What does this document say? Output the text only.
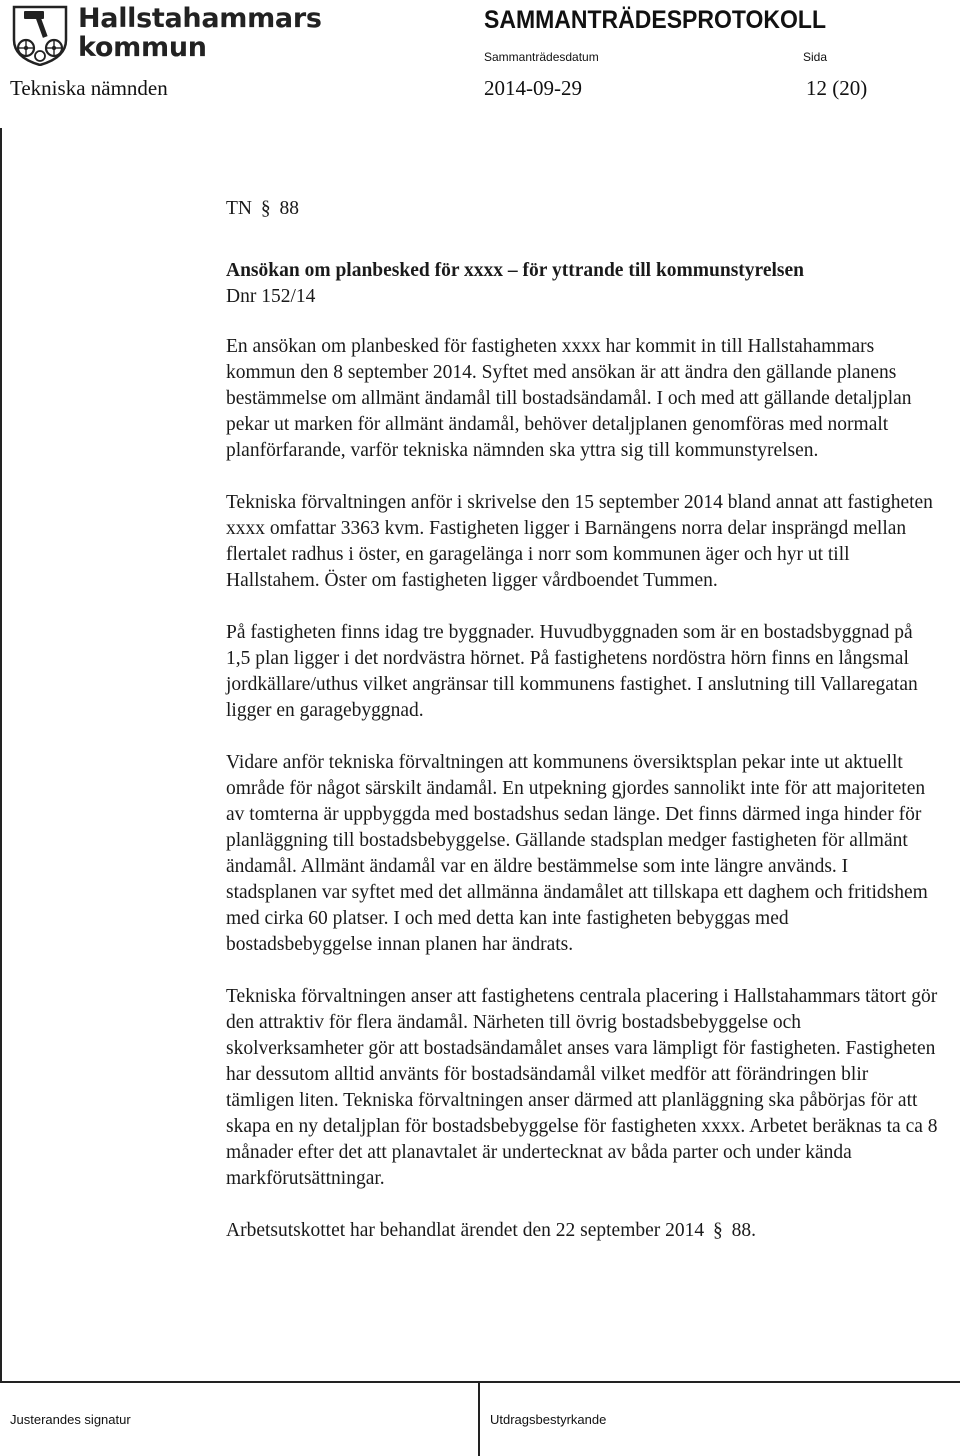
Hallstahammars
kommun
SAMMANTRÄDESPROTOKOLL
Sammanträdesdatum	Sida
Tekniska nämnden	2014-09-29	12 (20)

TN § 88

Ansökan om planbesked för xxxx – för yttrande till kommunstyrelsen

Dnr 152/14

En ansökan om planbesked för fastigheten xxxx har kommit in till Hallstahammars kommun den 8 september 2014. Syftet med ansökan är att ändra den gällande planens bestämmelse om allmänt ändamål till bostadsändamål. I och med att gällande detaljplan pekar ut marken för allmänt ändamål, behöver detaljplanen genomföras med normalt planförfarande, varför tekniska nämnden ska yttra sig till kommunstyrelsen.

Tekniska förvaltningen anför i skrivelse den 15 september 2014 bland annat att fastigheten xxxx omfattar 3363 kvm. Fastigheten ligger i Barnängens norra delar insprängd mellan flertalet radhus i öster, en garagelänga i norr som kommunen äger och hyr ut till Hallstahem. Öster om fastigheten ligger vårdboendet Tummen.

På fastigheten finns idag tre byggnader. Huvudbyggnaden som är en bostadsbyggnad på 1,5 plan ligger i det nordvästra hörnet. På fastighetens nordöstra hörn finns en långsmal jordkällare/uthus vilket angränsar till kommunens fastighet. I anslutning till Vallaregatan ligger en garagebyggnad.

Vidare anför tekniska förvaltningen att kommunens översiktsplan pekar inte ut aktuellt område för något särskilt ändamål. En utpekning gjordes sannolikt inte för att majoriteten av tomterna är uppbyggda med bostadshus sedan länge. Det finns därmed inga hinder för planläggning till bostadsbebyggelse. Gällande stadsplan medger fastigheten för allmänt ändamål. Allmänt ändamål var en äldre bestämmelse som inte längre används. I stadsplanen var syftet med det allmänna ändamålet att tillskapa ett daghem och fritidshem med cirka 60 platser. I och med detta kan inte fastigheten bebyggas med bostadsbebyggelse innan planen har ändrats.

Tekniska förvaltningen anser att fastighetens centrala placering i Hallstahammars tätort gör den attraktiv för flera ändamål. Närheten till övrig bostadsbebyggelse och skolverksamheter gör att bostadsändamålet anses vara lämpligt för fastigheten. Fastigheten har dessutom alltid använts för bostadsändamål vilket medför att förändringen blir tämligen liten. Tekniska förvaltningen anser därmed att planläggning ska påbörjas för att skapa en ny detaljplan för bostadsbebyggelse för fastigheten xxxx. Arbetet beräknas ta ca 8 månader efter det att planavtalet är undertecknat av båda parter och under kända markförutsättningar.

Arbetsutskottet har behandlat ärendet den 22 september 2014 § 88.

Justerandes signatur	Utdragsbestyrkande
